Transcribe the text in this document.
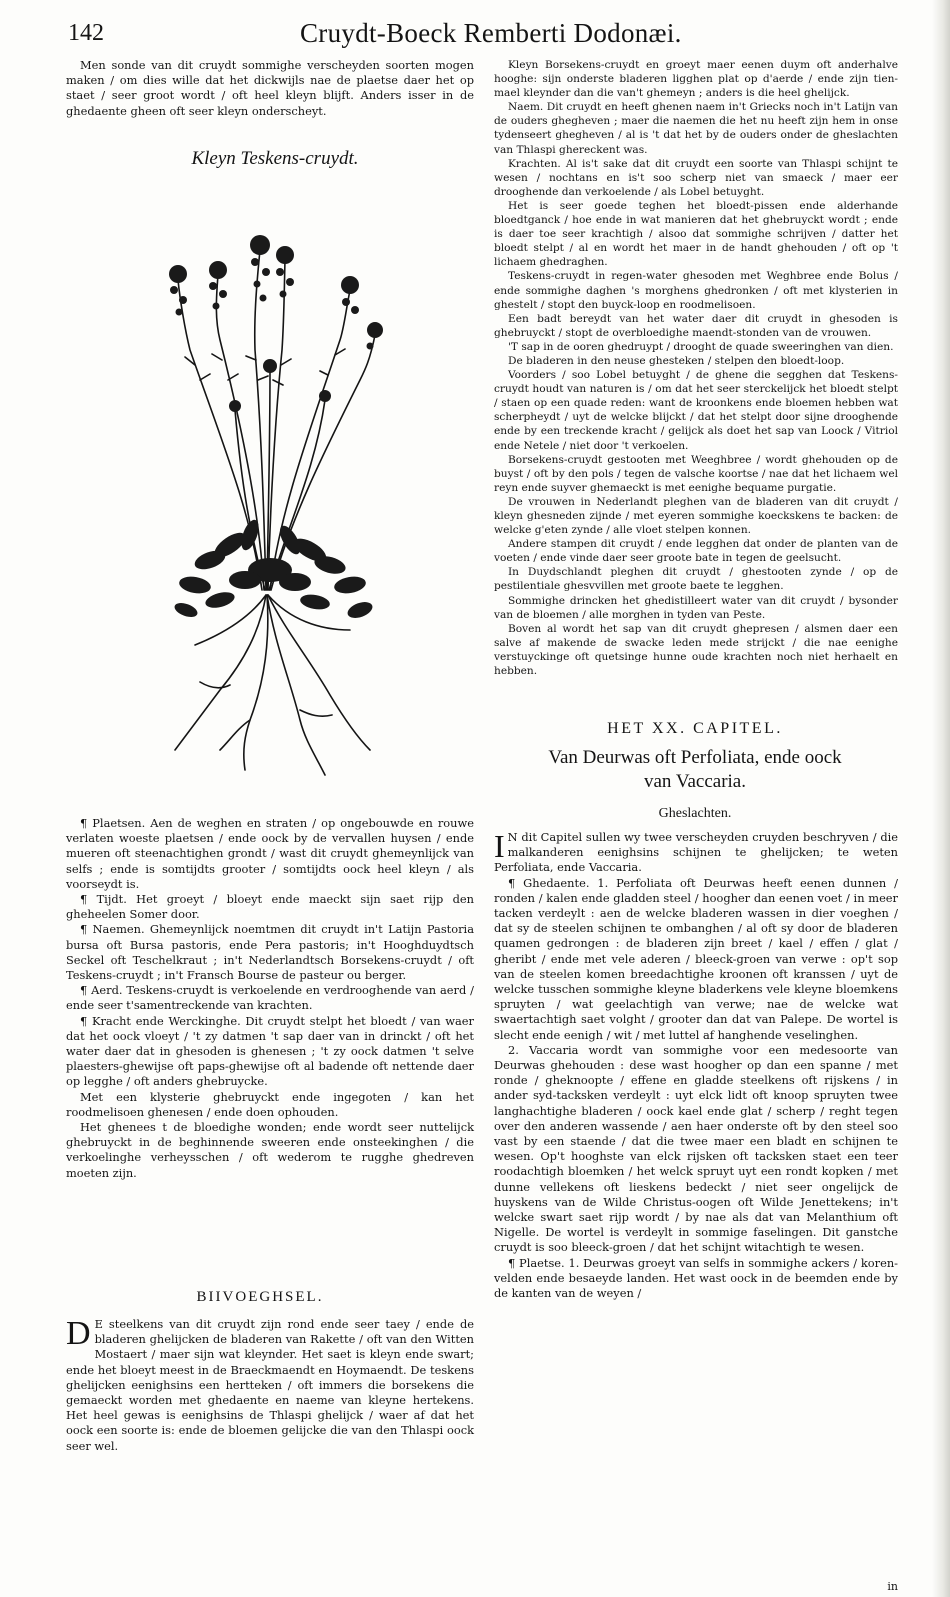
142	Cruydt-Boeck Remberti Dodonæi.

Men sonde van dit cruydt sommighe verscheyden soorten mogen maken / om dies wille dat het dickwijls nae de plaetse daer het op staet / seer groot wordt / oft heel kleyn blijft. Anders isser in de ghedaente gheen oft seer kleyn onderscheyt.

Kleyn Teskens-cruydt.

¶ Plaetsen. Aen de weghen en straten / op ongebouwde en rouwe verlaten woeste plaetsen / ende oock by de vervallen huysen / ende mueren oft steenachtighen grondt / wast dit cruydt ghemeynlijck van selfs ; ende is somtijdts grooter / somtijdts oock heel kleyn / als voorseydt is.

¶ Tijdt. Het groeyt / bloeyt ende maeckt sijn saet rijp den gheheelen Somer door.

¶ Naemen. Ghemeynlijck noemtmen dit cruydt in't Latijn Pastoria bursa oft Bursa pastoris, ende Pera pastoris; in't Hooghduydtsch Seckel oft Teschelkraut ; in't Nederlandtsch Borsekens-cruydt / oft Teskens-cruydt ; in't Fransch Bourse de pasteur ou berger.

¶ Aerd. Teskens-cruydt is verkoelende en verdrooghende van aerd / ende seer t'samentreckende van krachten.

¶ Kracht ende Werckinghe. Dit cruydt stelpt het bloedt / van waer dat het oock vloeyt / 't zy datmen 't sap daer van in drinckt / oft het water daer dat in ghesoden is ghenesen ; 't zy oock datmen 't selve plaesters-ghewijse oft paps-ghewijse oft al badende oft nettende daer op legghe / oft anders ghebruycke.

Met een klysterie ghebruyckt ende ingegoten / kan het roodmelisoen ghenesen / ende doen ophouden.

Het ghenees t de bloedighe wonden; ende wordt seer nuttelijck ghebruyckt in de beghinnende sweeren ende onsteekinghen / die verkoelinghe verheysschen / oft wederom te rugghe ghedreven moeten zijn.

BIIVOEGHSEL.
D E steelkens van dit cruydt zijn rond ende seer taey / ende de bladeren ghelijcken de bladeren van Rakette / oft van den Witten Mostaert / maer sijn wat kleynder. Het saet is kleyn ende swart; ende het bloeyt meest in de Braeckmaendt en Hoymaendt. De teskens ghelijcken eenighsins een hertteken / oft immers die borsekens die gemaeckt worden met ghedaente en naeme van kleyne hertekens. Het heel gewas is eenighsins de Thlaspi ghelijck / waer af dat het oock een soorte is: ende de bloemen gelijcke die van den Thlaspi oock seer wel.

Kleyn Borsekens-cruydt en groeyt maer eenen duym oft anderhalve hooghe: sijn onderste bladeren ligghen plat op d'aerde / ende zijn tien-mael kleynder dan die van't ghemeyn ; anders is die heel ghelijck.

Naem. Dit cruydt en heeft ghenen naem in't Griecks noch in't Latijn van de ouders ghegheven ; maer die naemen die het nu heeft zijn hem in onse tydenseert ghegheven / al is 't dat het by de ouders onder de gheslachten van Thlaspi ghereckent was.

Krachten. Al is't sake dat dit cruydt een soorte van Thlaspi schijnt te wesen / nochtans en is't soo scherp niet van smaeck / maer eer drooghende dan verkoelende / als Lobel betuyght.

Het is seer goede teghen het bloedt-pissen ende alderhande bloedtganck / hoe ende in wat manieren dat het ghebruyckt wordt ; ende is daer toe seer krachtigh / alsoo dat sommighe schrijven / datter het bloedt stelpt / al en wordt het maer in de handt ghehouden / oft op 't lichaem ghedraghen.

Teskens-cruydt in regen-water ghesoden met Weghbree ende Bolus / ende sommighe daghen 's morghens ghedronken / oft met klysterien in ghestelt / stopt den buyck-loop en roodmelisoen.

Een badt bereydt van het water daer dit cruydt in ghesoden is ghebruyckt / stopt de overbloedighe maendt-stonden van de vrouwen.

'T sap in de ooren ghedruypt / drooght de quade sweeringhen van dien.

De bladeren in den neuse ghesteken / stelpen den bloedt-loop.

Voorders / soo Lobel betuyght / de ghene die segghen dat Teskens-cruydt houdt van naturen is / om dat het seer sterckelijck het bloedt stelpt / staen op een quade reden: want de kroonkens ende bloemen hebben wat scherpheydt / uyt de welcke blijckt / dat het stelpt door sijne drooghende ende by een treckende kracht / gelijck als doet het sap van Loock / Vitriol ende Netele / niet door 't verkoelen.

Borsekens-cruydt gestooten met Weeghbree / wordt ghehouden op de buyst / oft by den pols / tegen de valsche koortse / nae dat het lichaem wel reyn ende suyver ghemaeckt is met eenighe bequame purgatie.

De vrouwen in Nederlandt pleghen van de bladeren van dit cruydt / kleyn ghesneden zijnde / met eyeren sommighe koeckskens te backen: de welcke g'eten zynde / alle vloet stelpen konnen.

Andere stampen dit cruydt / ende legghen dat onder de planten van de voeten / ende vinde daer seer groote bate in tegen de geelsucht.

In Duydschlandt pleghen dit cruydt / ghestooten zynde / op de pestilentiale ghesvvillen met groote baete te legghen.

Sommighe drincken het ghedistilleert water van dit cruydt / bysonder van de bloemen / alle morghen in tyden van Peste.

Boven al wordt het sap van dit cruydt ghepresen / alsmen daer een salve af makende de swacke leden mede strijckt / die nae eenighe verstuyckinge oft quetsinge hunne oude krachten noch niet herhaelt en hebben.

HET XX. CAPITEL.

Van Deurwas oft Perfoliata, ende oock

van Vaccaria.

Gheslachten.

I N dit Capitel sullen wy twee verscheyden cruyden beschryven / die malkanderen eenighsins schijnen te ghelijcken; te weten Perfoliata, ende Vaccaria.

¶ Ghedaente. 1. Perfoliata oft Deurwas heeft eenen dunnen / ronden / kalen ende gladden steel / hoogher dan eenen voet / in meer tacken verdeylt : aen de welcke bladeren wassen in dier voeghen / dat sy de steelen schijnen te ombanghen / al oft sy door de bladeren quamen gedrongen : de bladeren zijn breet / kael / effen / glat / gheribt / ende met vele aderen / bleeck-groen van verwe : op't sop van de steelen komen breedachtighe kroonen oft kranssen / uyt de welcke tusschen sommighe kleyne bladerkens vele kleyne bloemkens spruyten / wat geelachtigh van verwe; nae de welcke wat swaertachtigh saet volght / grooter dan dat van Palepe. De wortel is slecht ende eenigh / wit / met luttel af hanghende veselinghen.

2. Vaccaria wordt van sommighe voor een medesoorte van Deurwas ghehouden : dese wast hoogher op dan een spanne / met ronde / gheknoopte / effene en gladde steelkens oft rijskens / in ander syd-tacksken verdeylt : uyt elck lidt oft knoop spruyten twee langhachtighe bladeren / oock kael ende glat / scherp / reght tegen over den anderen wassende / aen haer onderste oft by den steel soo vast by een staende / dat die twee maer een bladt en schijnen te wesen. Op't hooghste van elck rijsken oft tacksken staet een teer roodachtigh bloemken / het welck spruyt uyt een rondt kopken / met dunne vellekens oft lieskens bedeckt / niet seer ongelijck de huyskens van de Wilde Christus-oogen oft Wilde Jenettekens; in't welcke swart saet rijp wordt / by nae als dat van Melanthium oft Nigelle. De wortel is verdeylt in sommige faselingen. Dit ganstche cruydt is soo bleeck-groen / dat het schijnt witachtigh te wesen.

¶ Plaetse. 1. Deurwas groeyt van selfs in sommighe ackers / koren-velden ende besaeyde landen. Het wast oock in de beemden ende by de kanten van de weyen /

in
